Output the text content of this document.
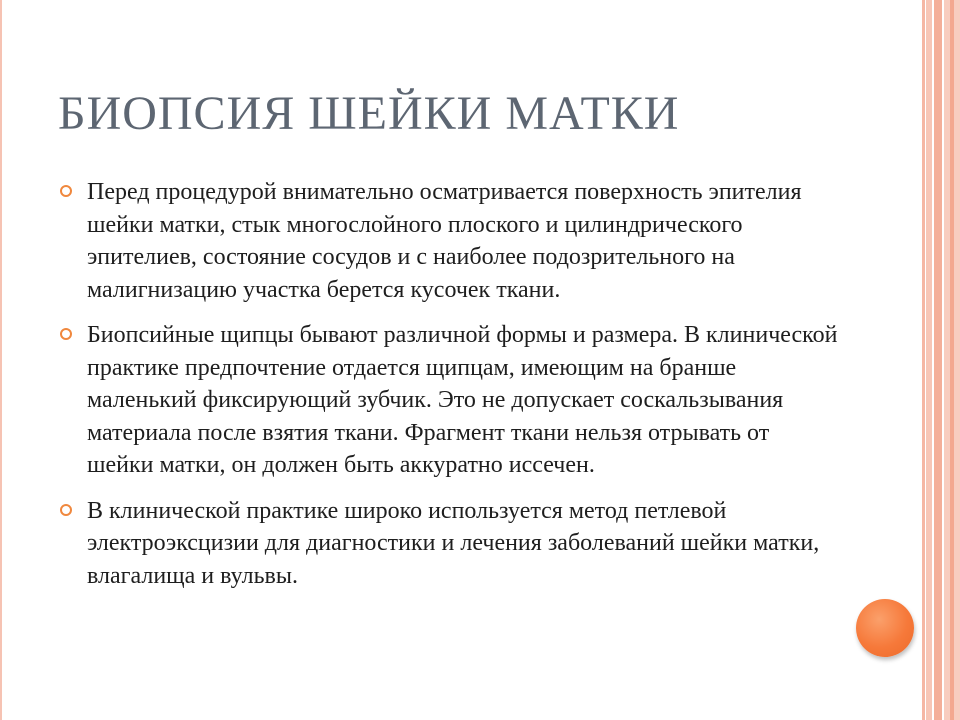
БИОПСИЯ ШЕЙКИ МАТКИ
Перед процедурой внимательно осматривается поверхность эпителия шейки матки, стык многослойного плоского и цилиндрического эпителиев, состояние сосудов и с наиболее подозрительного на малигнизацию участка берется кусочек ткани.
Биопсийные щипцы бывают различной формы и размера. В клинической практике предпочтение отдается щипцам, имеющим на бранше маленький фиксирующий зубчик. Это не допускает соскальзывания материала после взятия ткани. Фрагмент ткани нельзя отрывать от шейки матки, он должен быть аккуратно иссечен.
В клинической практике широко используется метод петлевой электроэксцизии для диагностики и лечения заболеваний шейки матки, влагалища и вульвы.
